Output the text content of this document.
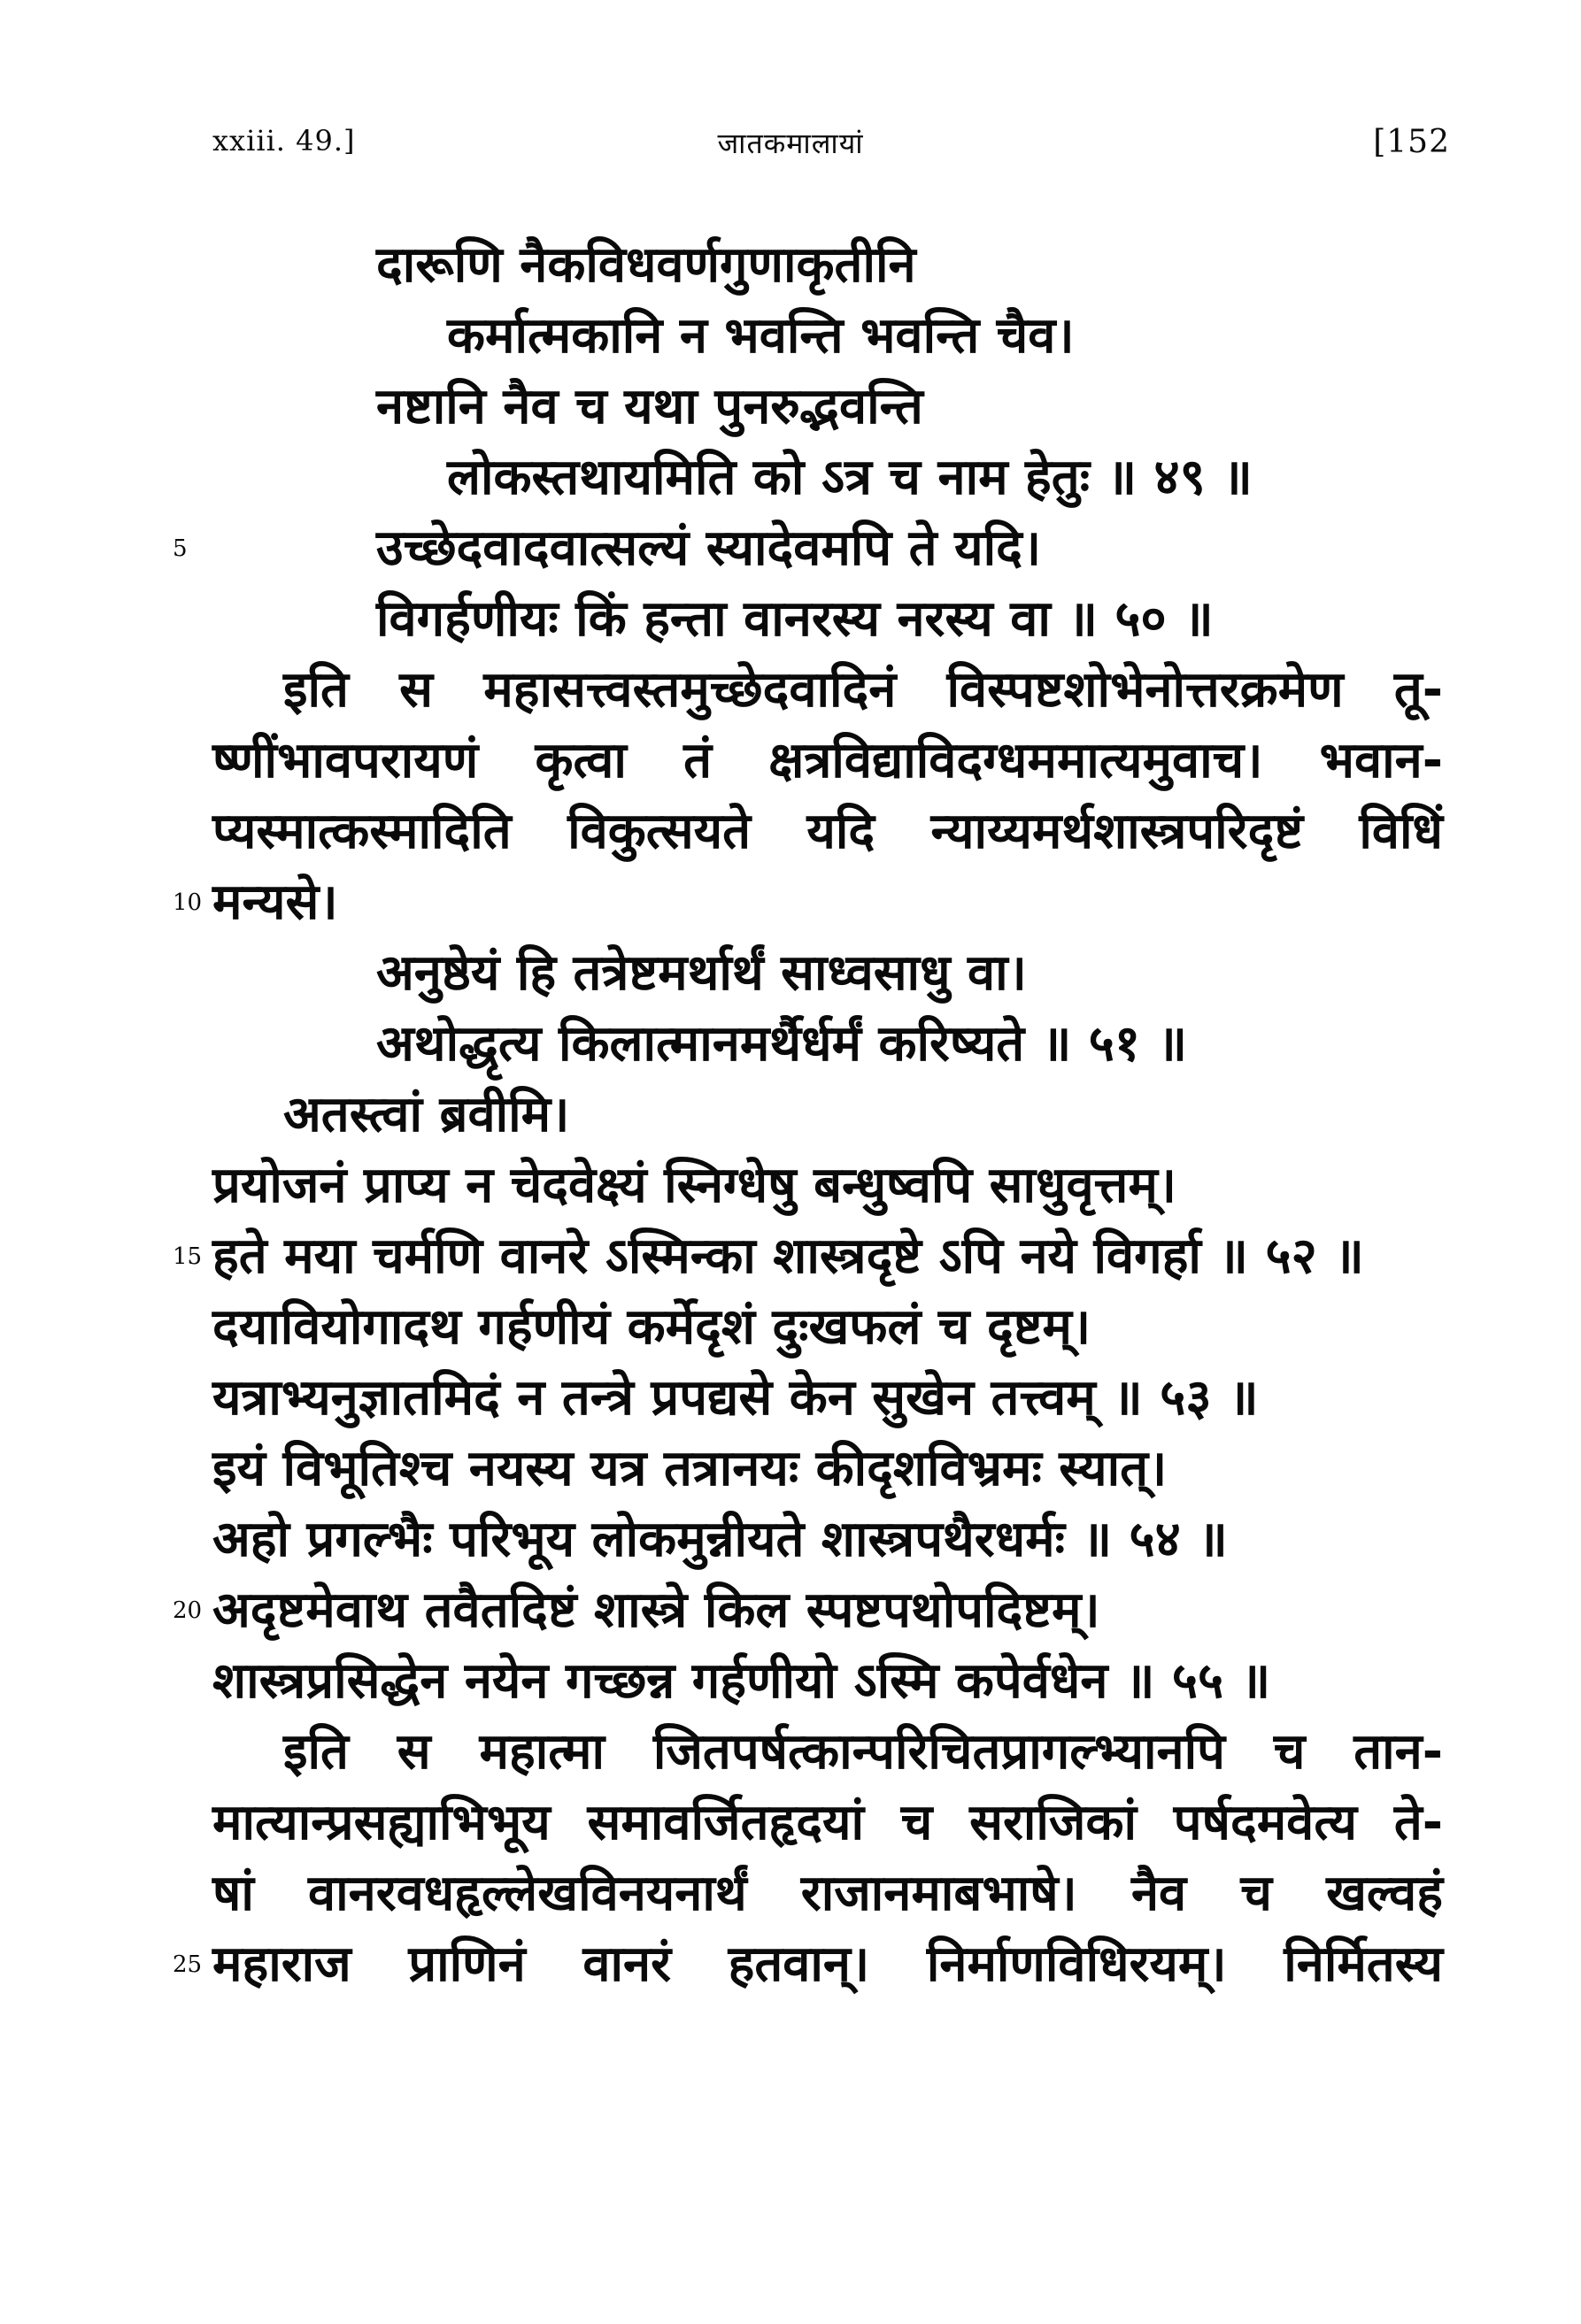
xxiii. 49.]	जातकमालायां	[152
दारूणि नैकविधवर्णगुणाकृतीनि
कर्मात्मकानि न भवन्ति भवन्ति चैव।
नष्टानि नैव च यथा पुनरुद्भवन्ति
लोकस्तथायमिति को ऽत्र च नाम हेतुः ॥ ४९ ॥
5	उच्छेदवादवात्सल्यं स्यादेवमपि ते यदि।
विगर्हणीयः किं हन्ता वानरस्य नरस्य वा ॥ ५० ॥
इति स महासत्त्वस्तमुच्छेदवादिनं विस्पष्टशोभेनोत्तरक्रमेण तू-
ष्णींभावपरायणं कृत्वा तं क्षत्रविद्याविदग्धममात्यमुवाच। भवान-
प्यस्मात्कस्मादिति विकुत्सयते यदि न्याय्यमर्थशास्त्रपरिदृष्टं विधिं
10 मन्यसे।
अनुष्ठेयं हि तत्रेष्टमर्थार्थं साध्वसाधु वा।
अथोद्धृत्य किलात्मानमर्थैर्धर्मं करिष्यते ॥ ५१ ॥
अतस्त्वां ब्रवीमि।
प्रयोजनं प्राप्य न चेदवेक्ष्यं स्निग्धेषु बन्धुष्वपि साधुवृत्तम्।
15 हते मया चर्मणि वानरे ऽस्मिन्का शास्त्रदृष्टे ऽपि नये विगर्हा ॥ ५२ ॥
दयावियोगादथ गर्हणीयं कर्मेदृशं दुःखफलं च दृष्टम्।
यत्राभ्यनुज्ञातमिदं न तन्त्रे प्रपद्यसे केन सुखेन तत्त्वम् ॥ ५३ ॥
इयं विभूतिश्च नयस्य यत्र तत्रानयः कीदृशविभ्रमः स्यात्।
अहो प्रगल्भैः परिभूय लोकमुन्नीयते शास्त्रपथैरधर्मः ॥ ५४ ॥
20 अदृष्टमेवाथ तवैतदिष्टं शास्त्रे किल स्पष्टपथोपदिष्टम्।
शास्त्रप्रसिद्धेन नयेन गच्छन्न गर्हणीयो ऽस्मि कपेर्वधेन ॥ ५५ ॥
इति स महात्मा जितपर्षत्कान्परिचितप्रागल्भ्यानपि च तान-
मात्यान्प्रसह्याभिभूय समावर्जितहृदयां च सराजिकां पर्षदमवेत्य ते-
षां वानरवधहृल्लेखविनयनार्थं राजानमाबभाषे। नैव च खल्वहं
25 महाराज प्राणिनं वानरं हतवान्। निर्माणविधिरयम्। निर्मितस्य
